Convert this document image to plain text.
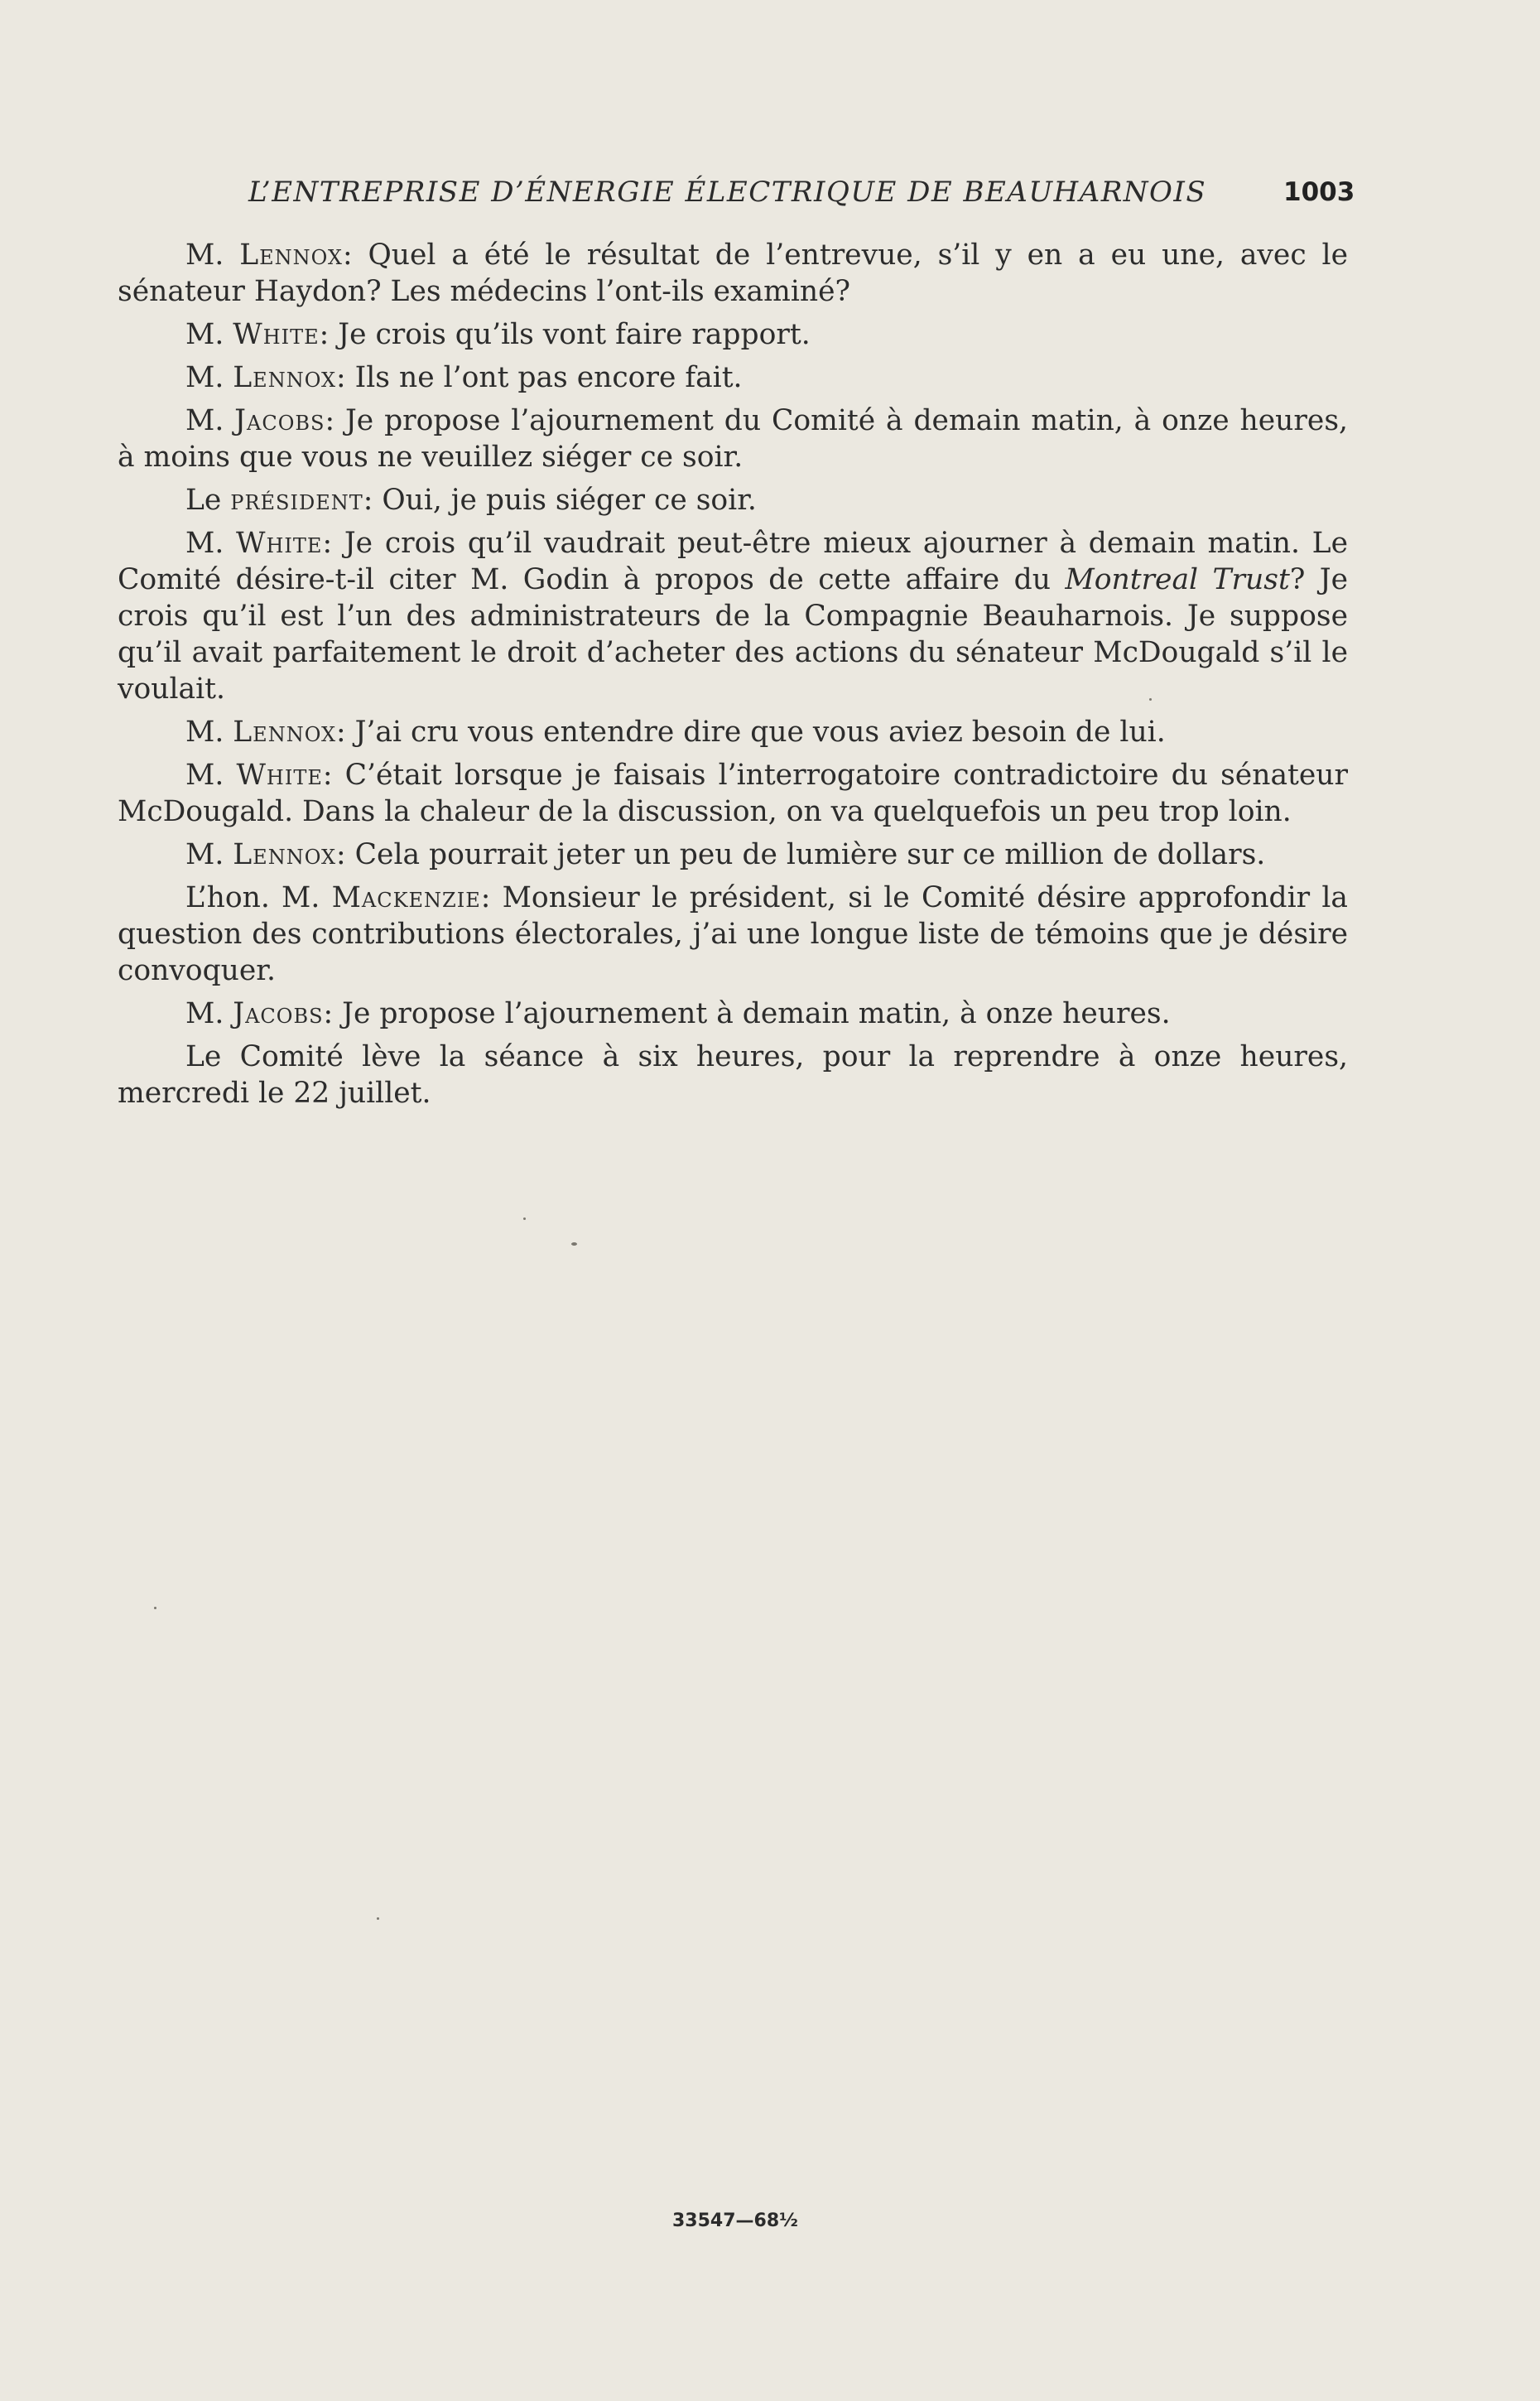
L’ENTREPRISE D’ÉNERGIE ÉLECTRIQUE DE BEAUHARNOIS	1003

M. Lennox: Quel a été le résultat de l’entrevue, s’il y en a eu une, avec le sénateur Haydon? Les médecins l’ont-ils examiné?

M. White: Je crois qu’ils vont faire rapport.

M. Lennox: Ils ne l’ont pas encore fait.

M. Jacobs: Je propose l’ajournement du Comité à demain matin, à onze heures, à moins que vous ne veuillez siéger ce soir.

Le président: Oui, je puis siéger ce soir.

M. White: Je crois qu’il vaudrait peut-être mieux ajourner à demain matin. Le Comité désire-t-il citer M. Godin à propos de cette affaire du Montreal Trust? Je crois qu’il est l’un des administrateurs de la Compagnie Beauharnois. Je suppose qu’il avait parfaitement le droit d’acheter des actions du sénateur McDougald s’il le voulait.

M. Lennox: J’ai cru vous entendre dire que vous aviez besoin de lui.

M. White: C’était lorsque je faisais l’interrogatoire contradictoire du sénateur McDougald. Dans la chaleur de la discussion, on va quelquefois un peu trop loin.

M. Lennox: Cela pourrait jeter un peu de lumière sur ce million de dollars.

L’hon. M. Mackenzie: Monsieur le président, si le Comité désire approfondir la question des contributions électorales, j’ai une longue liste de témoins que je désire convoquer.

M. Jacobs: Je propose l’ajournement à demain matin, à onze heures.

Le Comité lève la séance à six heures, pour la reprendre à onze heures, mercredi le 22 juillet.

33547—68½
